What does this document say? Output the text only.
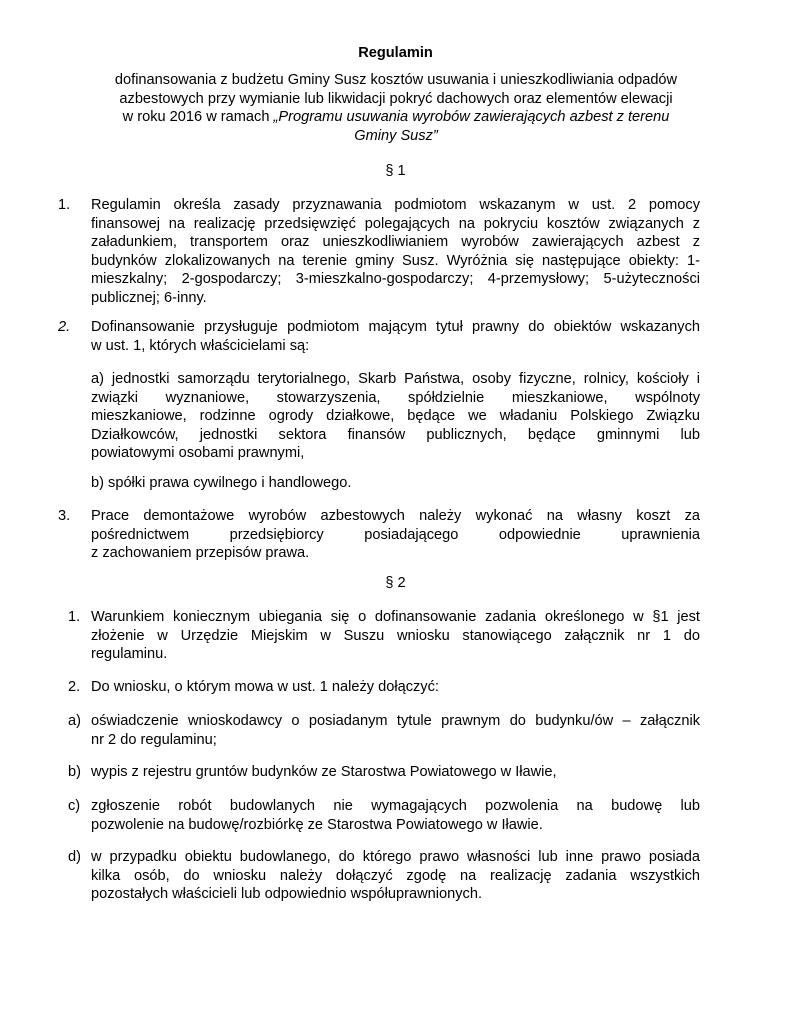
Regulamin
dofinansowania z budżetu Gminy Susz kosztów usuwania i unieszkodliwiania odpadów
azbestowych przy wymianie lub likwidacji pokryć dachowych oraz elementów elewacji
w roku 2016 w ramach „Programu usuwania wyrobów zawierających azbest z terenu
Gminy Susz”
§ 1
1. Regulamin określa zasady przyznawania podmiotom wskazanym w ust. 2 pomocy
finansowej na realizację przedsięwzięć polegających na pokryciu kosztów związanych z
załadunkiem, transportem oraz unieszkodliwianiem wyrobów zawierających azbest z
budynków zlokalizowanych na terenie gminy Susz. Wyróżnia się następujące obiekty: 1-
mieszkalny; 2-gospodarczy; 3-mieszkalno-gospodarczy; 4-przemysłowy; 5-użyteczności
publicznej; 6-inny.
2. Dofinansowanie przysługuje podmiotom mającym tytuł prawny do obiektów wskazanych
w ust. 1, których właścicielami są:
a) jednostki samorządu terytorialnego, Skarb Państwa, osoby fizyczne, rolnicy, kościoły i
związki wyznaniowe, stowarzyszenia, spółdzielnie mieszkaniowe, wspólnoty
mieszkaniowe, rodzinne ogrody działkowe, będące we władaniu Polskiego Związku
Działkowców, jednostki sektora finansów publicznych, będące gminnymi lub
powiatowymi osobami prawnymi,
b) spółki prawa cywilnego i handlowego.
3. Prace demontażowe wyrobów azbestowych należy wykonać na własny koszt za
pośrednictwem przedsiębiorcy posiadającego odpowiednie uprawnienia
z zachowaniem przepisów prawa.
§ 2
1. Warunkiem koniecznym ubiegania się o dofinansowanie zadania określonego w §1 jest
złożenie w Urzędzie Miejskim w Suszu wniosku stanowiącego załącznik nr 1 do
regulaminu.
2. Do wniosku, o którym mowa w ust. 1 należy dołączyć:
a) oświadczenie wnioskodawcy o posiadanym tytule prawnym do budynku/ów – załącznik
nr 2 do regulaminu;
b) wypis z rejestru gruntów budynków ze Starostwa Powiatowego w Iławie,
c) zgłoszenie robót budowlanych nie wymagających pozwolenia na budowę lub
pozwolenie na budowę/rozbiórkę ze Starostwa Powiatowego w Iławie.
d) w przypadku obiektu budowlanego, do którego prawo własności lub inne prawo posiada
kilka osób, do wniosku należy dołączyć zgodę na realizację zadania wszystkich
pozostałych właścicieli lub odpowiednio współuprawnionych.
